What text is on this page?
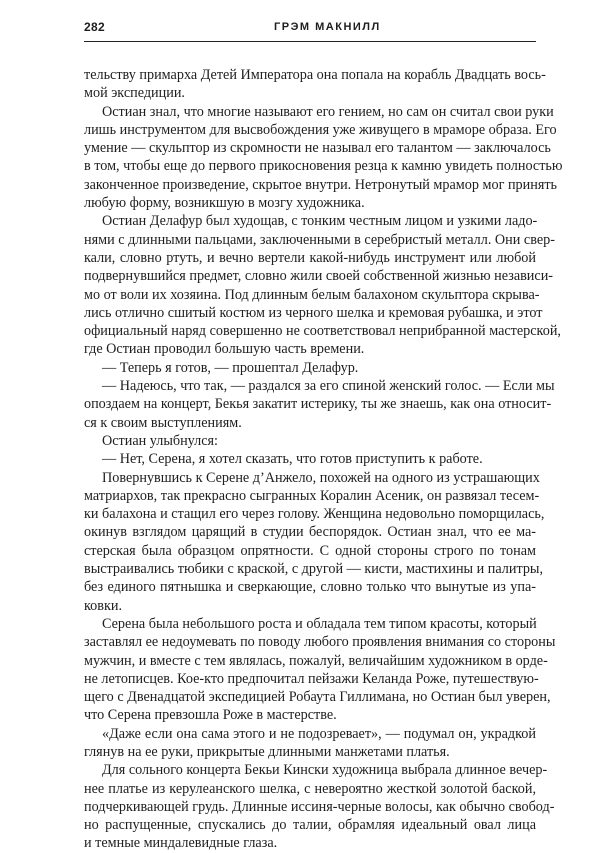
282	ГРЭМ МАКНИЛЛ
тельству примарха Детей Императора она попала на корабль Двадцать вось-
мой экспедиции.
Остиан знал, что многие называют его гением, но сам он считал свои руки
лишь инструментом для высвобождения уже живущего в мраморе образа. Его
умение — скульптор из скромности не называл его талантом — заключалось
в том, чтобы еще до первого прикосновения резца к камню увидеть полностью
законченное произведение, скрытое внутри. Нетронутый мрамор мог принять
любую форму, возникшую в мозгу художника.
Остиан Делафур был худощав, с тонким честным лицом и узкими ладо-
нями с длинными пальцами, заключенными в серебристый металл. Они свер-
кали, словно ртуть, и вечно вертели какой-нибудь инструмент или любой
подвернувшийся предмет, словно жили своей собственной жизнью независи-
мо от воли их хозяина. Под длинным белым балахоном скульптора скрыва-
лись отлично сшитый костюм из черного шелка и кремовая рубашка, и этот
официальный наряд совершенно не соответствовал неприбранной мастерской,
где Остиан проводил большую часть времени.
— Теперь я готов, — прошептал Делафур.
— Надеюсь, что так, — раздался за его спиной женский голос. — Если мы
опоздаем на концерт, Бекья закатит истерику, ты же знаешь, как она относит-
ся к своим выступлениям.
Остиан улыбнулся:
— Нет, Серена, я хотел сказать, что готов приступить к работе.
Повернувшись к Серене д’Анжело, похожей на одного из устрашающих
матриархов, так прекрасно сыгранных Коралин Асеник, он развязал тесем-
ки балахона и стащил его через голову. Женщина недовольно поморщилась,
окинув взглядом царящий в студии беспорядок. Остиан знал, что ее ма-
стерская была образцом опрятности. С одной стороны строго по тонам
выстраивались тюбики с краской, с другой — кисти, мастихины и палитры,
без единого пятнышка и сверкающие, словно только что вынутые из упа-
ковки.
Серена была небольшого роста и обладала тем типом красоты, который
заставлял ее недоумевать по поводу любого проявления внимания со стороны
мужчин, и вместе с тем являлась, пожалуй, величайшим художником в орде-
не летописцев. Кое-кто предпочитал пейзажи Келанда Роже, путешествую-
щего с Двенадцатой экспедицией Робаута Гиллимана, но Остиан был уверен,
что Серена превзошла Роже в мастерстве.
«Даже если она сама этого и не подозревает», — подумал он, украдкой
глянув на ее руки, прикрытые длинными манжетами платья.
Для сольного концерта Бекьи Кински художница выбрала длинное вечер-
нее платье из керулеанского шелка, с невероятно жесткой золотой баской,
подчеркивающей грудь. Длинные иссиня-черные волосы, как обычно свобод-
но распущенные, спускались до талии, обрамляя идеальный овал лица
и темные миндалевидные глаза.
